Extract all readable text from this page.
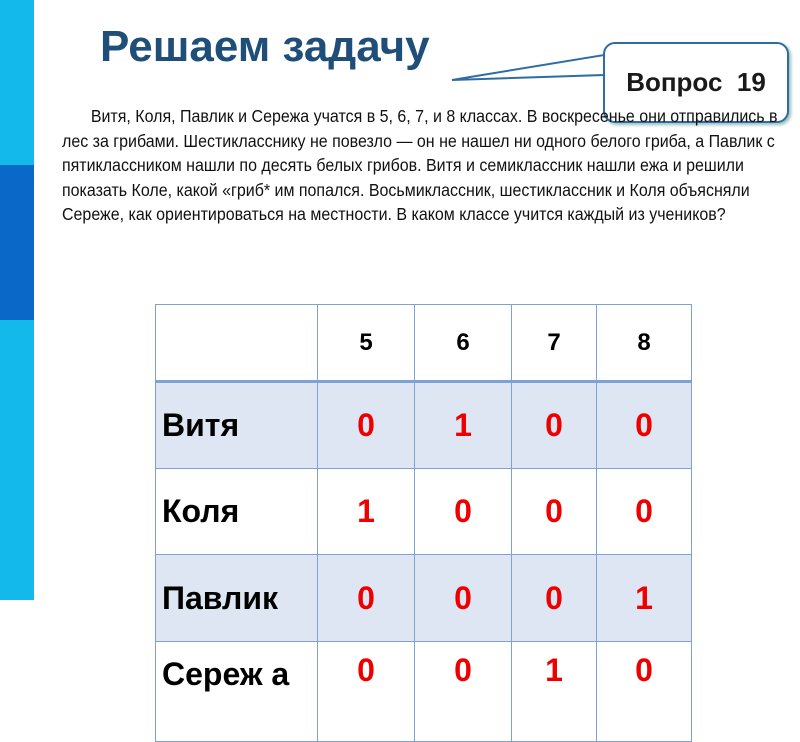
Решаем задачу
Вопрос  19

Витя, Коля, Павлик и Сережа учатся в 5, 6, 7, и 8 классах. В воскресенье они отправились в лес за грибами. Шестикласснику не повезло — он не нашел ни одного белого гриба, а Павлик с пятиклассником нашли по десять белых грибов. Витя и семиклассник нашли ежа и решили показать Коле, какой «гриб* им попался. Восьмиклассник, шестиклассник и Коля объясняли Сереже, как ориентироваться на местности. В каком классе учится каждый из учеников?

	5	6	7	8
Витя	0	1	0	0
Коля	1	0	0	0
Павлик	0	0	0	1
Сереж а	0	0	1	0
